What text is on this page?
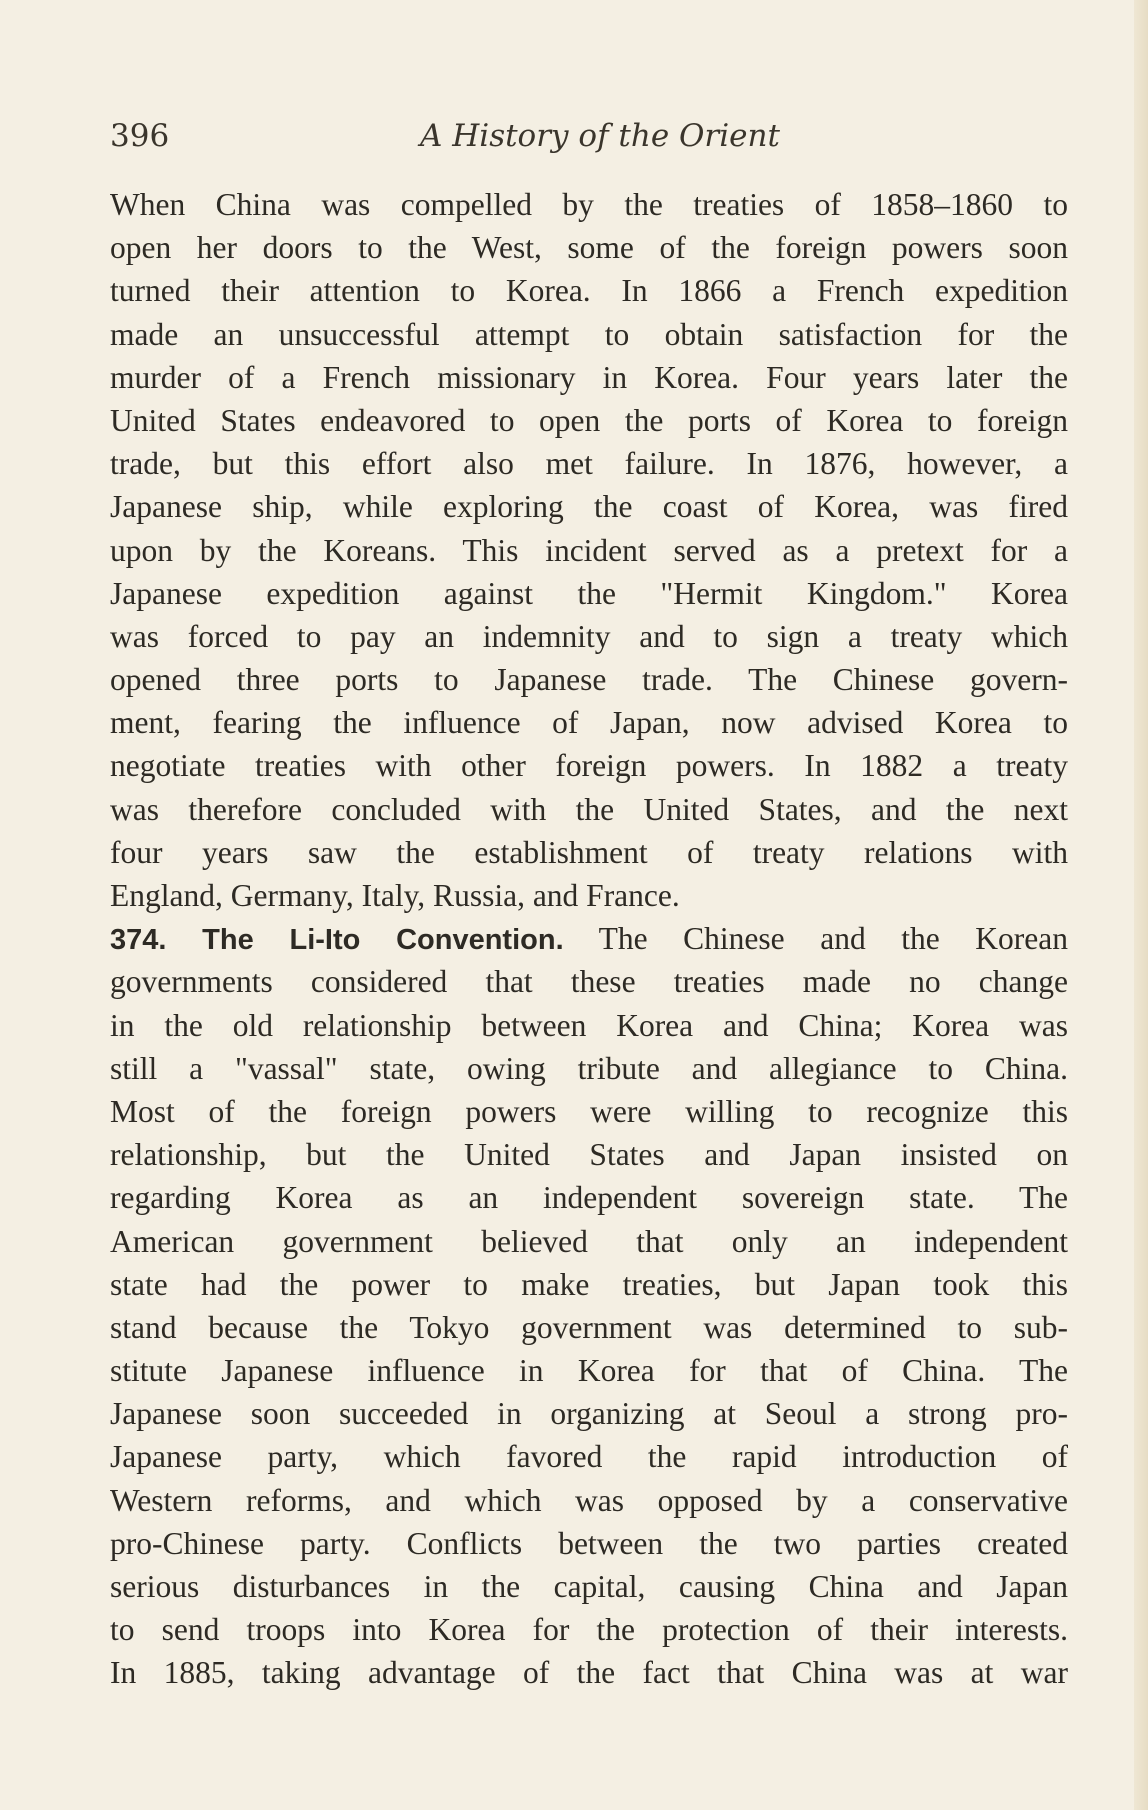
396	A History of the Orient
When China was compelled by the treaties of 1858–1860 to
open her doors to the West, some of the foreign powers soon
turned their attention to Korea. In 1866 a French expedition
made an unsuccessful attempt to obtain satisfaction for the
murder of a French missionary in Korea. Four years later the
United States endeavored to open the ports of Korea to foreign
trade, but this effort also met failure. In 1876, however, a
Japanese ship, while exploring the coast of Korea, was fired
upon by the Koreans. This incident served as a pretext for a
Japanese expedition against the "Hermit Kingdom." Korea
was forced to pay an indemnity and to sign a treaty which
opened three ports to Japanese trade. The Chinese govern-
ment, fearing the influence of Japan, now advised Korea to
negotiate treaties with other foreign powers. In 1882 a treaty
was therefore concluded with the United States, and the next
four years saw the establishment of treaty relations with
England, Germany, Italy, Russia, and France.
374. The Li-Ito Convention. The Chinese and the Korean
governments considered that these treaties made no change
in the old relationship between Korea and China; Korea was
still a "vassal" state, owing tribute and allegiance to China.
Most of the foreign powers were willing to recognize this
relationship, but the United States and Japan insisted on
regarding Korea as an independent sovereign state. The
American government believed that only an independent
state had the power to make treaties, but Japan took this
stand because the Tokyo government was determined to sub-
stitute Japanese influence in Korea for that of China. The
Japanese soon succeeded in organizing at Seoul a strong pro-
Japanese party, which favored the rapid introduction of
Western reforms, and which was opposed by a conservative
pro-Chinese party. Conflicts between the two parties created
serious disturbances in the capital, causing China and Japan
to send troops into Korea for the protection of their interests.
In 1885, taking advantage of the fact that China was at war
